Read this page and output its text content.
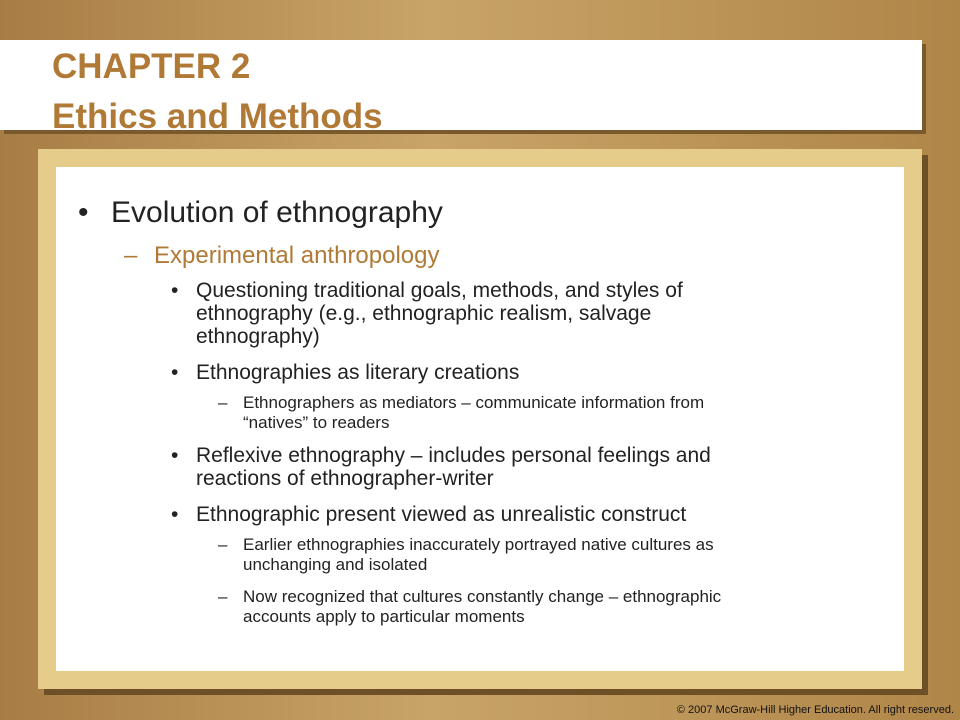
CHAPTER 2
Ethics and Methods
• Evolution of ethnography
– Experimental anthropology
• Questioning traditional goals, methods, and styles of
ethnography (e.g., ethnographic realism, salvage
ethnography)
• Ethnographies as literary creations
– Ethnographers as mediators – communicate information from
“natives” to readers
• Reflexive ethnography – includes personal feelings and
reactions of ethnographer-writer
• Ethnographic present viewed as unrealistic construct
– Earlier ethnographies inaccurately portrayed native cultures as
unchanging and isolated
– Now recognized that cultures constantly change – ethnographic
accounts apply to particular moments
© 2007 McGraw-Hill Higher Education. All right reserved.
